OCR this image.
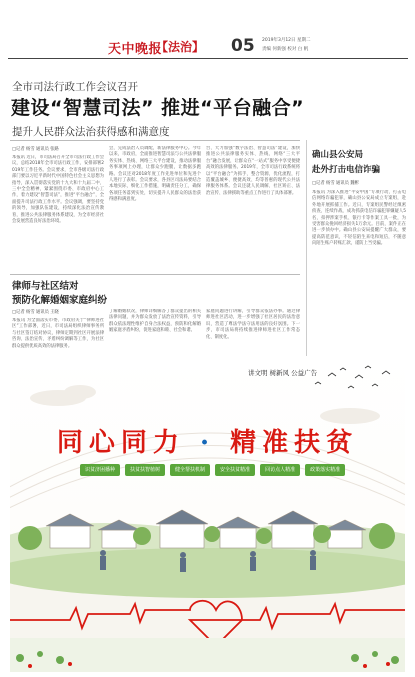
天中晚报
【法治】 05 2019年3月12日 星期二
责编 何新强 校对 白 帆
全市司法行政工作会议召开
建设“智慧司法” 推进“平台融合”
提升人民群众法治获得感和满意度
□记者 杨雪 通讯员 张路
本报讯 近日，市司法局召开全市司法行政工作会议，总结2018年全市司法行政工作，安排部署2019年工作任务。会议要求，全市各级司法行政部门要以习近平新时代中国特色社会主义思想为指导，深入贯彻落实党的十九大和十九届二中、三中全会精神，紧紧围绕市委、市政府中心工作，着力建设“智慧司法”，推进“平台融合”，全面提升司法行政工作水平。会议强调，要坚持党的领导，加强队伍建设，持续深化法治宣传教育，推进公共法律服务体系建设，为全市经济社会发展营造良好法治环境。
会，完成法治人员调配，新法律服务中心。今年以来，市政府，全面推进智慧司法与公共法律服务实体、热线、网络三大平台建设，推动法律服务事项网上办理，让群众少跑腿，让数据多跑路。会议还对2018年度工作先进单位和先进个人进行了表彰。会议要求，各县区司法局要结合本地实际，细化工作措施，明确责任分工，确保各项任务落到实处，切实提升人民群众的法治获得感和满意度。
台、大力加强“数字法治、智慧司法”建设，加快推进公共法律服务实体、热线、网络“三大平台”融合发展，让群众在“一站式”服务中享受便捷高效的法律服务。2019年，全市司法行政系统将以“平台融合”为抓手，整合资源，优化流程，打造覆盖城乡、便捷高效、均等普惠的现代公共法律服务体系。会议还就人民调解、社区矫正、法治宣传、法律援助等重点工作进行了具体部署。
确山县公安局
赴外打击电信诈骗
□记者 杨雪 通讯员 魏彬
本报讯 为深入推进“平安中国”专项行动，打击电信网络诈骗犯罪，确山县公安局成立专案组，赴外地开展抓捕工作。近日，专案组民警经过缜密侦查、连续作战，成功抓获电信诈骗犯罪嫌疑人5名，扣押涉案手机、银行卡等作案工具一批，为受害群众挽回经济损失1万余元。目前，案件正在进一步侦办中。确山县公安局提醒广大群众，要提高防范意识，不轻信陌生来电和短信，不随意向陌生账户转账汇款，谨防上当受骗。
律师与社区结对
预防化解婚姻家庭纠纷
□记者 杨雪 通讯员 王晓
本报讯 为全面落实市委、市政府关于“律师进社区”工作部署，近日，市司法局组织律师事务所与社区签订结对协议，律师定期到社区开展法律咨询、法治宣传、矛盾纠纷调解等工作，为社区群众提供优质高效的法律服务。
了解婚姻状况，律师详细解答了群众提出的相关法律问题，并为群众发放了法治宣传资料，引导群众依法理性维护自身合法权益，预防和化解婚姻家庭矛盾纠纷，促进家庭和睦、社会和谐。
家庭问题进行讲解，引导群众依法办事。通过律师进社区活动，进一步增强了社区居民的法治意识，营造了尊法学法守法用法的良好氛围。下一步，市司法局将持续推进律师进社区工作常态化、制度化。
讲文明 树新风 公益广告
同心同力 · 精准扶贫
识贫济困播种	扶贫扶智植树	健全帮扶机制	安全扶贫精准	回访点人精准	政策落实精准
